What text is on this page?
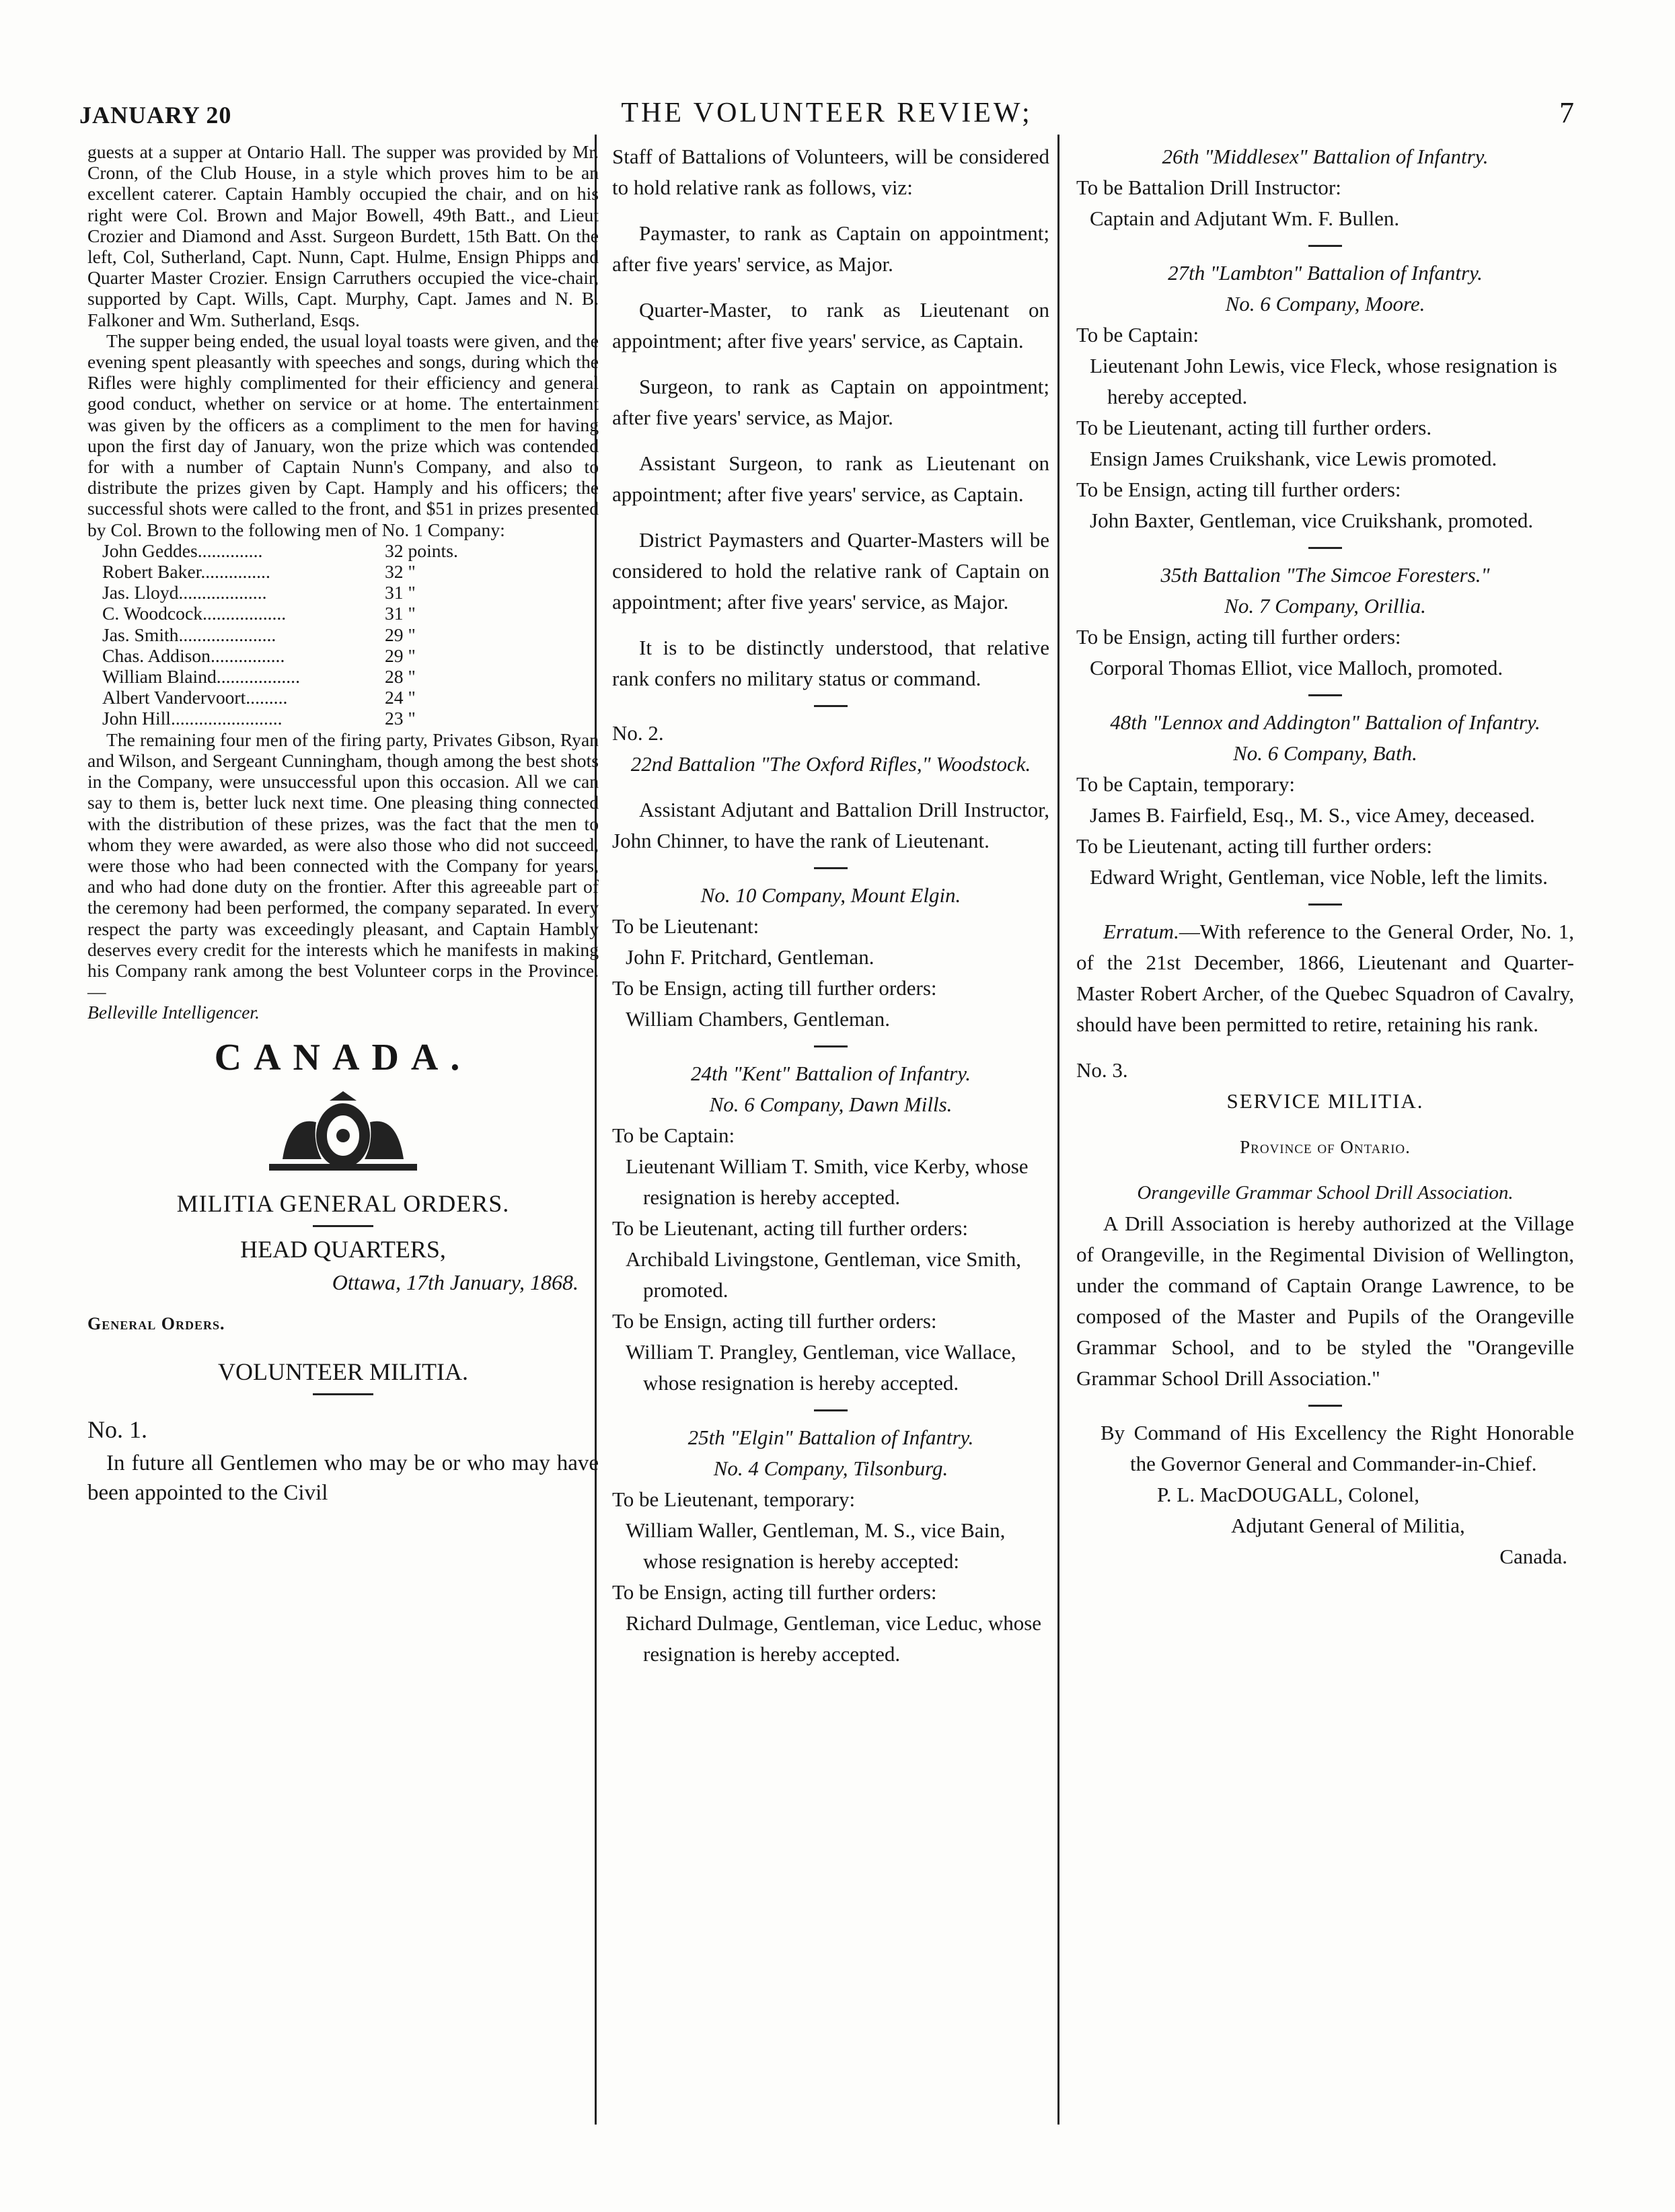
JANUARY 20	THE VOLUNTEER REVIEW;	7

guests at a supper at Ontario Hall. The supper was provided by Mr. Cronn, of the Club House, in a style which proves him to be an excellent caterer. Captain Hambly occupied the chair, and on his right were Col. Brown and Major Bowell, 49th Batt., and Lieut Crozier and Diamond and Asst. Surgeon Burdett, 15th Batt. On the left, Col, Sutherland, Capt. Nunn, Capt. Hulme, Ensign Phipps and Quarter Master Crozier. Ensign Carruthers occupied the vice-chair, supported by Capt. Wills, Capt. Murphy, Capt. James and N. B. Falkoner and Wm. Sutherland, Esqs.

The supper being ended, the usual loyal toasts were given, and the evening spent pleasantly with speeches and songs, during which the Rifles were highly complimented for their efficiency and general good conduct, whether on service or at home. The entertainment was given by the officers as a compliment to the men for having upon the first day of January, won the prize which was contended for with a number of Captain Nunn's Company, and also to distribute the prizes given by Capt. Hamply and his officers; the successful shots were called to the front, and $51 in prizes presented by Col. Brown to the following men of No. 1 Company:

John Geddes..............	32 points.
Robert Baker...............	32 "
Jas. Lloyd...................	31 "
C. Woodcock..................	31 "
Jas. Smith.....................	29 "
Chas. Addison................	29 "
William Blaind..................	28 "
Albert Vandervoort.........	24 "
John Hill........................	23 "

The remaining four men of the firing party, Privates Gibson, Ryan and Wilson, and Sergeant Cunningham, though among the best shots in the Company, were unsuccessful upon this occasion. All we can say to them is, better luck next time. One pleasing thing connected with the distribution of these prizes, was the fact that the men to whom they were awarded, as were also those who did not succeed, were those who had been connected with the Company for years, and who had done duty on the frontier. After this agreeable part of the ceremony had been performed, the company separated. In every respect the party was exceedingly pleasant, and Captain Hambly deserves every credit for the interests which he manifests in making his Company rank among the best Volunteer corps in the Province.—

Belleville Intelligencer.

CANADA.

MILITIA GENERAL ORDERS.

HEAD QUARTERS,

Ottawa, 17th January, 1868.

General Orders.

VOLUNTEER MILITIA.

No. 1.

In future all Gentlemen who may be or who may have been appointed to the Civil

Staff of Battalions of Volunteers, will be considered to hold relative rank as follows, viz:

Paymaster, to rank as Captain on appointment; after five years' service, as Major.

Quarter-Master, to rank as Lieutenant on appointment; after five years' service, as Captain.

Surgeon, to rank as Captain on appointment; after five years' service, as Major.

Assistant Surgeon, to rank as Lieutenant on appointment; after five years' service, as Captain.

District Paymasters and Quarter-Masters will be considered to hold the relative rank of Captain on appointment; after five years' service, as Major.

It is to be distinctly understood, that relative rank confers no military status or command.

No. 2.

22nd Battalion "The Oxford Rifles," Woodstock.

Assistant Adjutant and Battalion Drill Instructor, John Chinner, to have the rank of Lieutenant.

No. 10 Company, Mount Elgin.

To be Lieutenant:

John F. Pritchard, Gentleman.

To be Ensign, acting till further orders:

William Chambers, Gentleman.

24th "Kent" Battalion of Infantry.

No. 6 Company, Dawn Mills.

To be Captain:

Lieutenant William T. Smith, vice Kerby, whose resignation is hereby accepted.

To be Lieutenant, acting till further orders:

Archibald Livingstone, Gentleman, vice Smith, promoted.

To be Ensign, acting till further orders:

William T. Prangley, Gentleman, vice Wallace, whose resignation is hereby accepted.

25th "Elgin" Battalion of Infantry.

No. 4 Company, Tilsonburg.

To be Lieutenant, temporary:

William Waller, Gentleman, M. S., vice Bain, whose resignation is hereby accepted:

To be Ensign, acting till further orders:

Richard Dulmage, Gentleman, vice Leduc, whose resignation is hereby accepted.

26th "Middlesex" Battalion of Infantry.

To be Battalion Drill Instructor:

Captain and Adjutant Wm. F. Bullen.

27th "Lambton" Battalion of Infantry.

No. 6 Company, Moore.

To be Captain:

Lieutenant John Lewis, vice Fleck, whose resignation is hereby accepted.

To be Lieutenant, acting till further orders.

Ensign James Cruikshank, vice Lewis promoted.

To be Ensign, acting till further orders:

John Baxter, Gentleman, vice Cruikshank, promoted.

35th Battalion "The Simcoe Foresters."

No. 7 Company, Orillia.

To be Ensign, acting till further orders:

Corporal Thomas Elliot, vice Malloch, promoted.

48th "Lennox and Addington" Battalion of Infantry.

No. 6 Company, Bath.

To be Captain, temporary:

James B. Fairfield, Esq., M. S., vice Amey, deceased.

To be Lieutenant, acting till further orders:

Edward Wright, Gentleman, vice Noble, left the limits.

Erratum.—With reference to the General Order, No. 1, of the 21st December, 1866, Lieutenant and Quarter-Master Robert Archer, of the Quebec Squadron of Cavalry, should have been permitted to retire, retaining his rank.

No. 3.

SERVICE MILITIA.

Province of Ontario.

Orangeville Grammar School Drill Association.

A Drill Association is hereby authorized at the Village of Orangeville, in the Regimental Division of Wellington, under the command of Captain Orange Lawrence, to be composed of the Master and Pupils of the Orangeville Grammar School, and to be styled the "Orangeville Grammar School Drill Association."

By Command of His Excellency the Right Honorable the Governor General and Commander-in-Chief.

P. L. MacDOUGALL, Colonel,

Adjutant General of Militia,

Canada.
